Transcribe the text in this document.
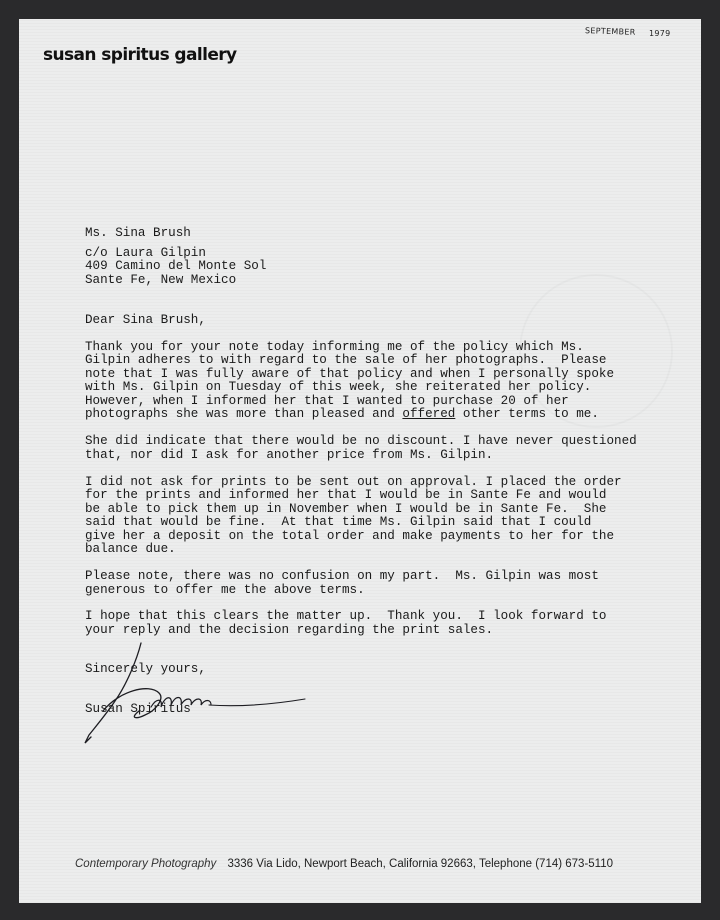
SEPTEMBER 1979
susan spiritus gallery
Ms. Sina Brush
c/o Laura Gilpin
409 Camino del Monte Sol
Sante Fe, New Mexico
Dear Sina Brush,
Thank you for your note today informing me of the policy which Ms.
Gilpin adheres to with regard to the sale of her photographs.  Please
note that I was fully aware of that policy and when I personally spoke
with Ms. Gilpin on Tuesday of this week, she reiterated her policy.
However, when I informed her that I wanted to purchase 20 of her
photographs she was more than pleased and offered other terms to me.
She did indicate that there would be no discount. I have never questioned
that, nor did I ask for another price from Ms. Gilpin.
I did not ask for prints to be sent out on approval. I placed the order
for the prints and informed her that I would be in Sante Fe and would
be able to pick them up in November when I would be in Sante Fe.  She
said that would be fine.  At that time Ms. Gilpin said that I could
give her a deposit on the total order and make payments to her for the
balance due.
Please note, there was no confusion on my part.  Ms. Gilpin was most
generous to offer me the above terms.
I hope that this clears the matter up.  Thank you.  I look forward to
your reply and the decision regarding the print sales.
Sincerely yours,
Susan Spiritus
Contemporary Photography 3336 Via Lido, Newport Beach, California 92663, Telephone (714) 673-5110
